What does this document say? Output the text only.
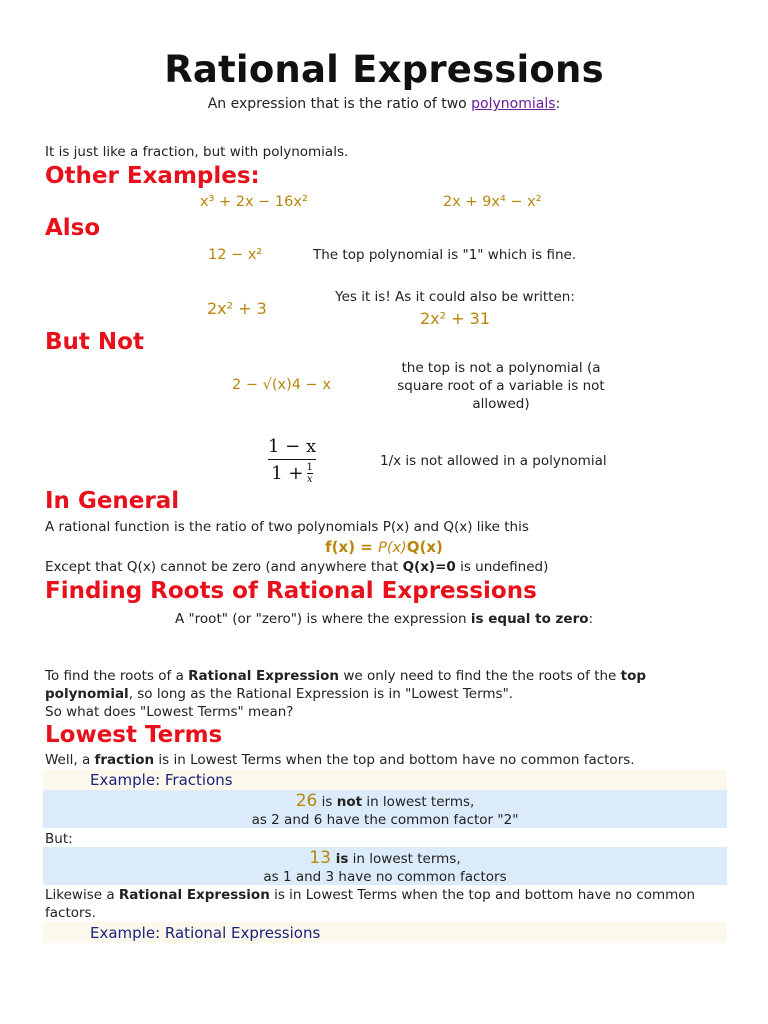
Rational Expressions
An expression that is the ratio of two polynomials:
It is just like a fraction, but with polynomials.
Other Examples:
x³ + 2x − 16x²	2x + 9x⁴ − x²
Also
12 − x²	The top polynomial is "1" which is fine.
2x² + 3
Yes it is! As it could also be written:
2x² + 31
But Not
2 − √(x)4 − x
the top is not a polynomial (a square root of a variable is not allowed)
1 − x
1 + 1
x	1/x is not allowed in a polynomial
In General
A rational function is the ratio of two polynomials P(x) and Q(x) like this
f(x) = P(x)Q(x)
Except that Q(x) cannot be zero (and anywhere that Q(x)=0 is undefined)
Finding Roots of Rational Expressions
A "root" (or "zero") is where the expression is equal to zero:
To find the roots of a Rational Expression we only need to find the the roots of the top polynomial, so long as the Rational Expression is in "Lowest Terms".
So what does "Lowest Terms" mean?
Lowest Terms
Well, a fraction is in Lowest Terms when the top and bottom have no common factors.
Example: Fractions
26 is not in lowest terms,
as 2 and 6 have the common factor "2"
But:
13 is in lowest terms,
as 1 and 3 have no common factors
Likewise a Rational Expression is in Lowest Terms when the top and bottom have no common factors.
Example: Rational Expressions
